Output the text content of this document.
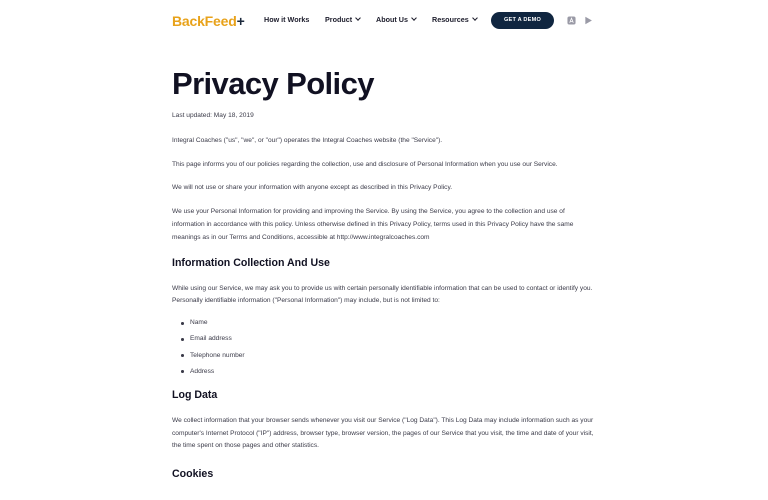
BackFeed+	How it Works Product	About Us	Resources	GET A DEMO
Privacy Policy

Last updated: May 18, 2019

Integral Coaches ("us", "we", or "our") operates the Integral Coaches website (the "Service").

This page informs you of our policies regarding the collection, use and disclosure of Personal Information when you use our Service.

We will not use or share your information with anyone except as described in this Privacy Policy.

We use your Personal Information for providing and improving the Service. By using the Service, you agree to the collection and use of information in accordance with this policy. Unless otherwise defined in this Privacy Policy, terms used in this Privacy Policy have the same meanings as in our Terms and Conditions, accessible at http://www.integralcoaches.com

Information Collection And Use

While using our Service, we may ask you to provide us with certain personally identifiable information that can be used to contact or identify you. Personally identifiable information ("Personal Information") may include, but is not limited to:

Name
Email address
Telephone number
Address
Log Data

We collect information that your browser sends whenever you visit our Service ("Log Data"). This Log Data may include information such as your computer's Internet Protocol ("IP") address, browser type, browser version, the pages of our Service that you visit, the time and date of your visit, the time spent on those pages and other statistics.

Cookies
